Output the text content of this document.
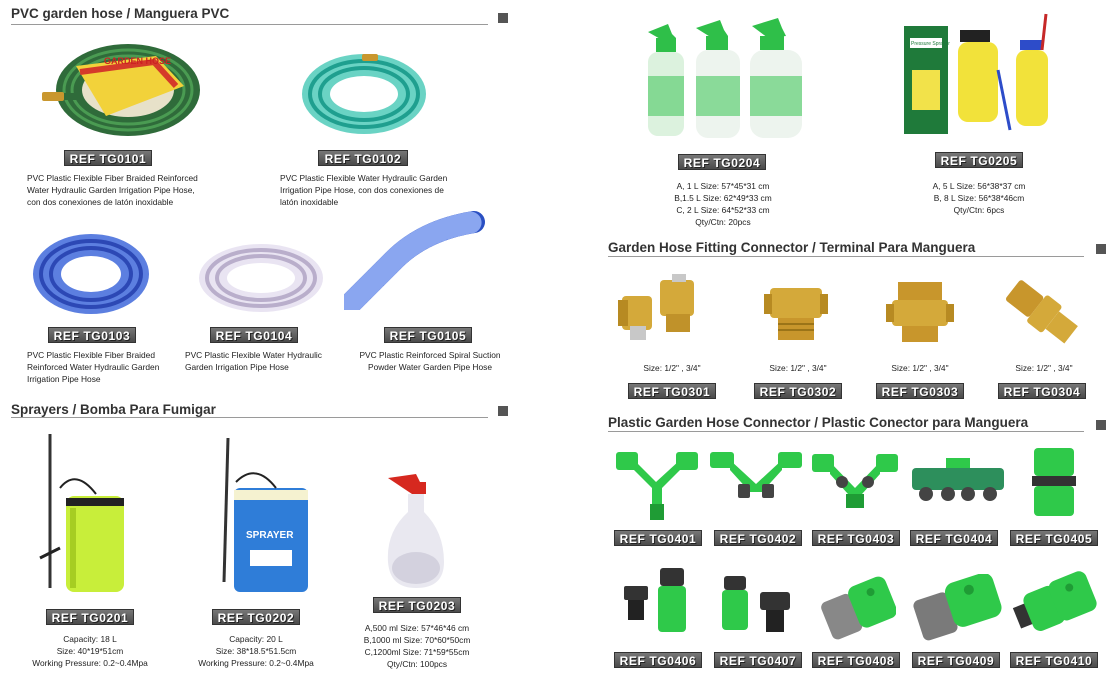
PVC garden hose / Manguera PVC
GARDEN HOSE
REF TG0101
PVC Plastic Flexible Fiber Braided Reinforced
Water Hydraulic Garden Irrigation Pipe Hose,
con dos conexiones de latón inoxidable
REF TG0102
PVC Plastic Flexible Water Hydraulic Garden
Irrigation Pipe Hose, con dos conexiones de
latón inoxidable
REF TG0103
PVC Plastic Flexible Fiber Braided
Reinforced Water Hydraulic Garden
Irrigation Pipe Hose
REF TG0104
PVC Plastic Flexible Water Hydraulic
Garden Irrigation Pipe Hose
REF TG0105
PVC Plastic Reinforced Spiral Suction
Powder Water Garden Pipe Hose
Sprayers / Bomba Para Fumigar
REF TG0201
Capacity: 18 L
Size: 40*19*51cm
Working Pressure: 0.2~0.4Mpa
SPRAYER
REF TG0202
Capacity: 20 L
Size: 38*18.5*51.5cm
Working Pressure: 0.2~0.4Mpa
REF TG0203
A,500 ml Size: 57*46*46 cm
B,1000 ml Size: 70*60*50cm
C,1200ml Size: 71*59*55cm
Qty/Ctn: 100pcs
REF TG0204
A, 1 L Size: 57*45*31 cm
B,1.5 L Size: 62*49*33 cm
C, 2 L Size: 64*52*33 cm
Qty/Ctn: 20pcs
Pressure Sprayer
REF TG0205
A, 5 L Size: 56*38*37 cm
B, 8 L Size: 56*38*46cm
Qty/Ctn: 6pcs
Garden Hose Fitting Connector / Terminal Para Manguera
Size: 1/2" , 3/4"
REF TG0301
Size: 1/2" , 3/4"
REF TG0302
Size: 1/2" , 3/4"
REF TG0303
Size: 1/2" , 3/4"
REF TG0304
Plastic Garden Hose Connector / Plastic Conector para Manguera
REF TG0401	REF TG0402	REF TG0403	REF TG0404	REF TG0405
REF TG0406	REF TG0407	REF TG0408	REF TG0409	REF TG0410
